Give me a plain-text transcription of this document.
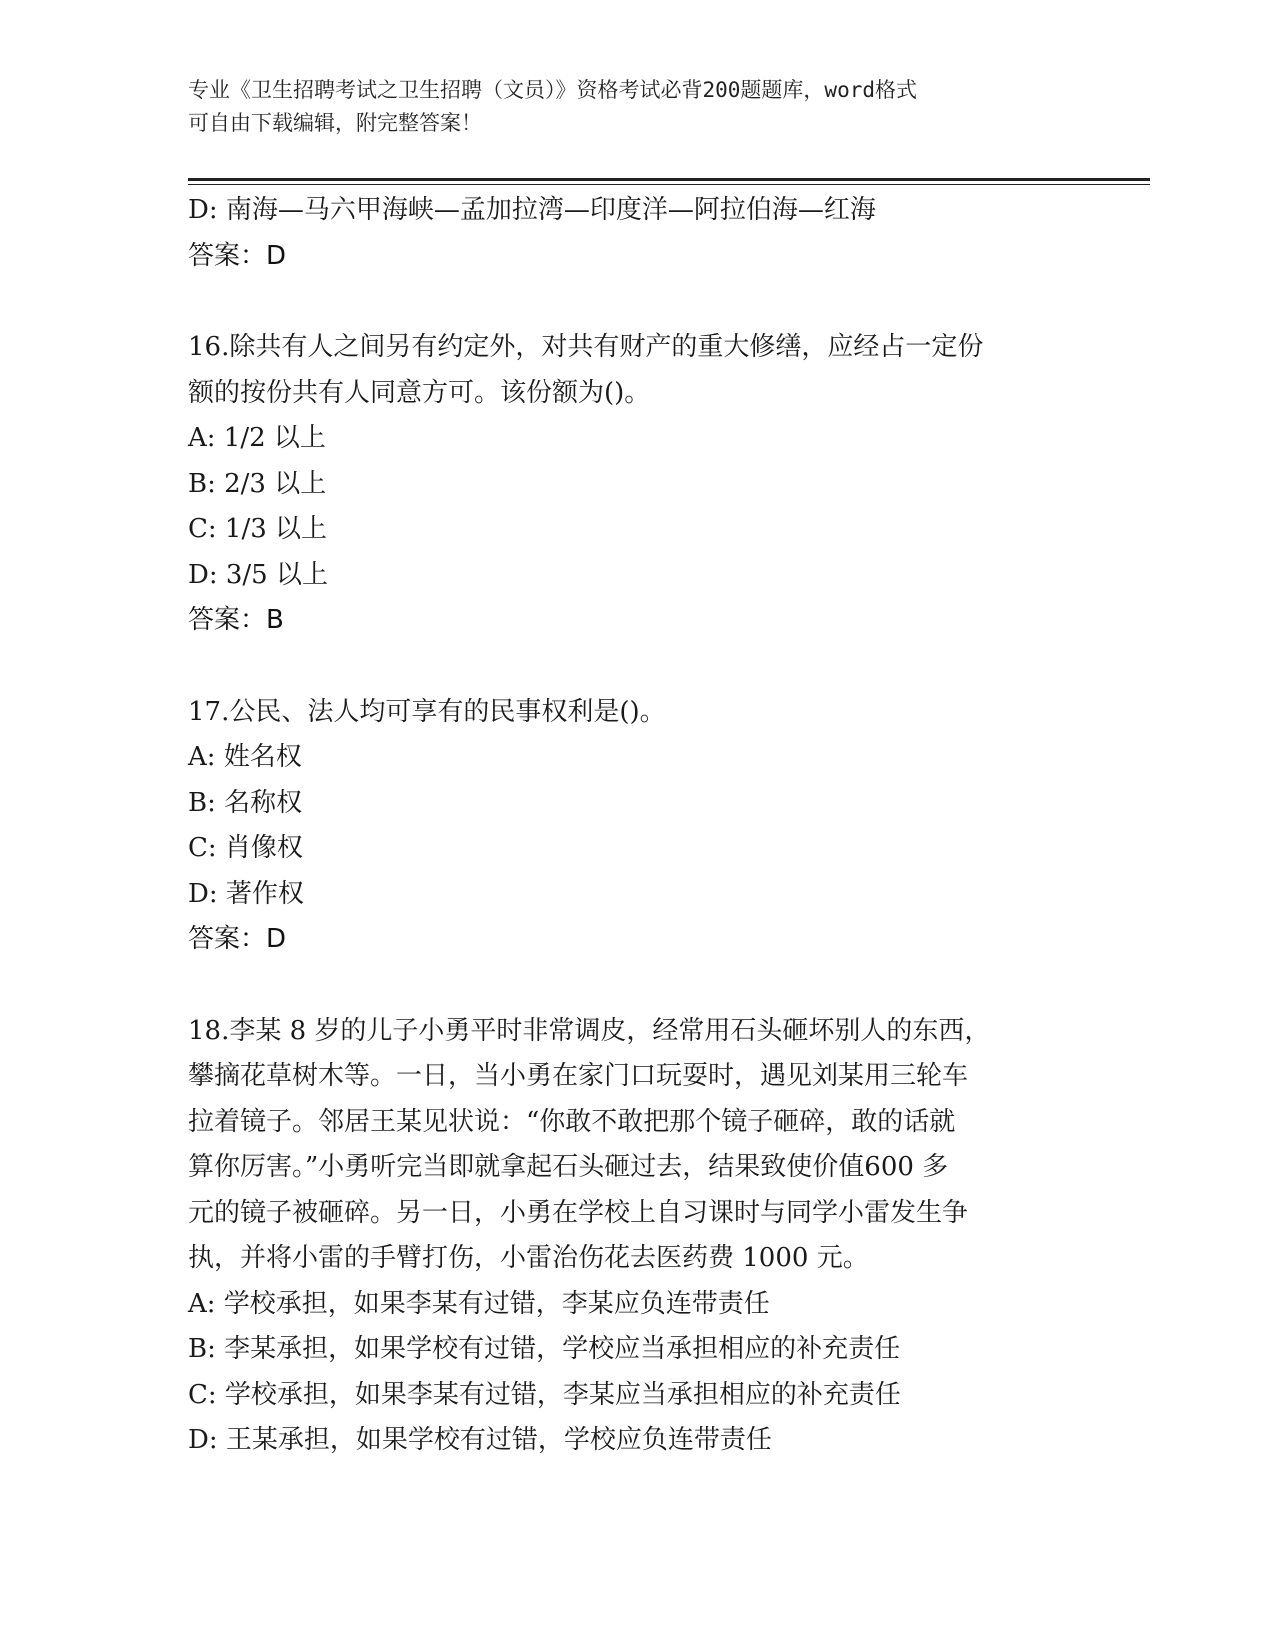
专业《卫生招聘考试之卫生招聘（文员）》资格考试必背200题题库，word格式
可自由下载编辑，附完整答案！
D: 南海—马六甲海峡—孟加拉湾—印度洋—阿拉伯海—红海
答案：D
16.除共有人之间另有约定外，对共有财产的重大修缮，应经占一定份
额的按份共有人同意方可。该份额为()。
A: 1/2 以上
B: 2/3 以上
C: 1/3 以上
D: 3/5 以上
答案：B
17.公民、法人均可享有的民事权利是()。
A: 姓名权
B: 名称权
C: 肖像权
D: 著作权
答案：D
18.李某 8 岁的儿子小勇平时非常调皮，经常用石头砸坏别人的东西，
攀摘花草树木等。一日，当小勇在家门口玩耍时，遇见刘某用三轮车
拉着镜子。邻居王某见状说：“你敢不敢把那个镜子砸碎，敢的话就
算你厉害。”小勇听完当即就拿起石头砸过去，结果致使价值600 多
元的镜子被砸碎。另一日，小勇在学校上自习课时与同学小雷发生争
执，并将小雷的手臂打伤，小雷治伤花去医药费 1000 元。
A: 学校承担，如果李某有过错，李某应负连带责任
B: 李某承担，如果学校有过错，学校应当承担相应的补充责任
C: 学校承担，如果李某有过错，李某应当承担相应的补充责任
D: 王某承担，如果学校有过错，学校应负连带责任
